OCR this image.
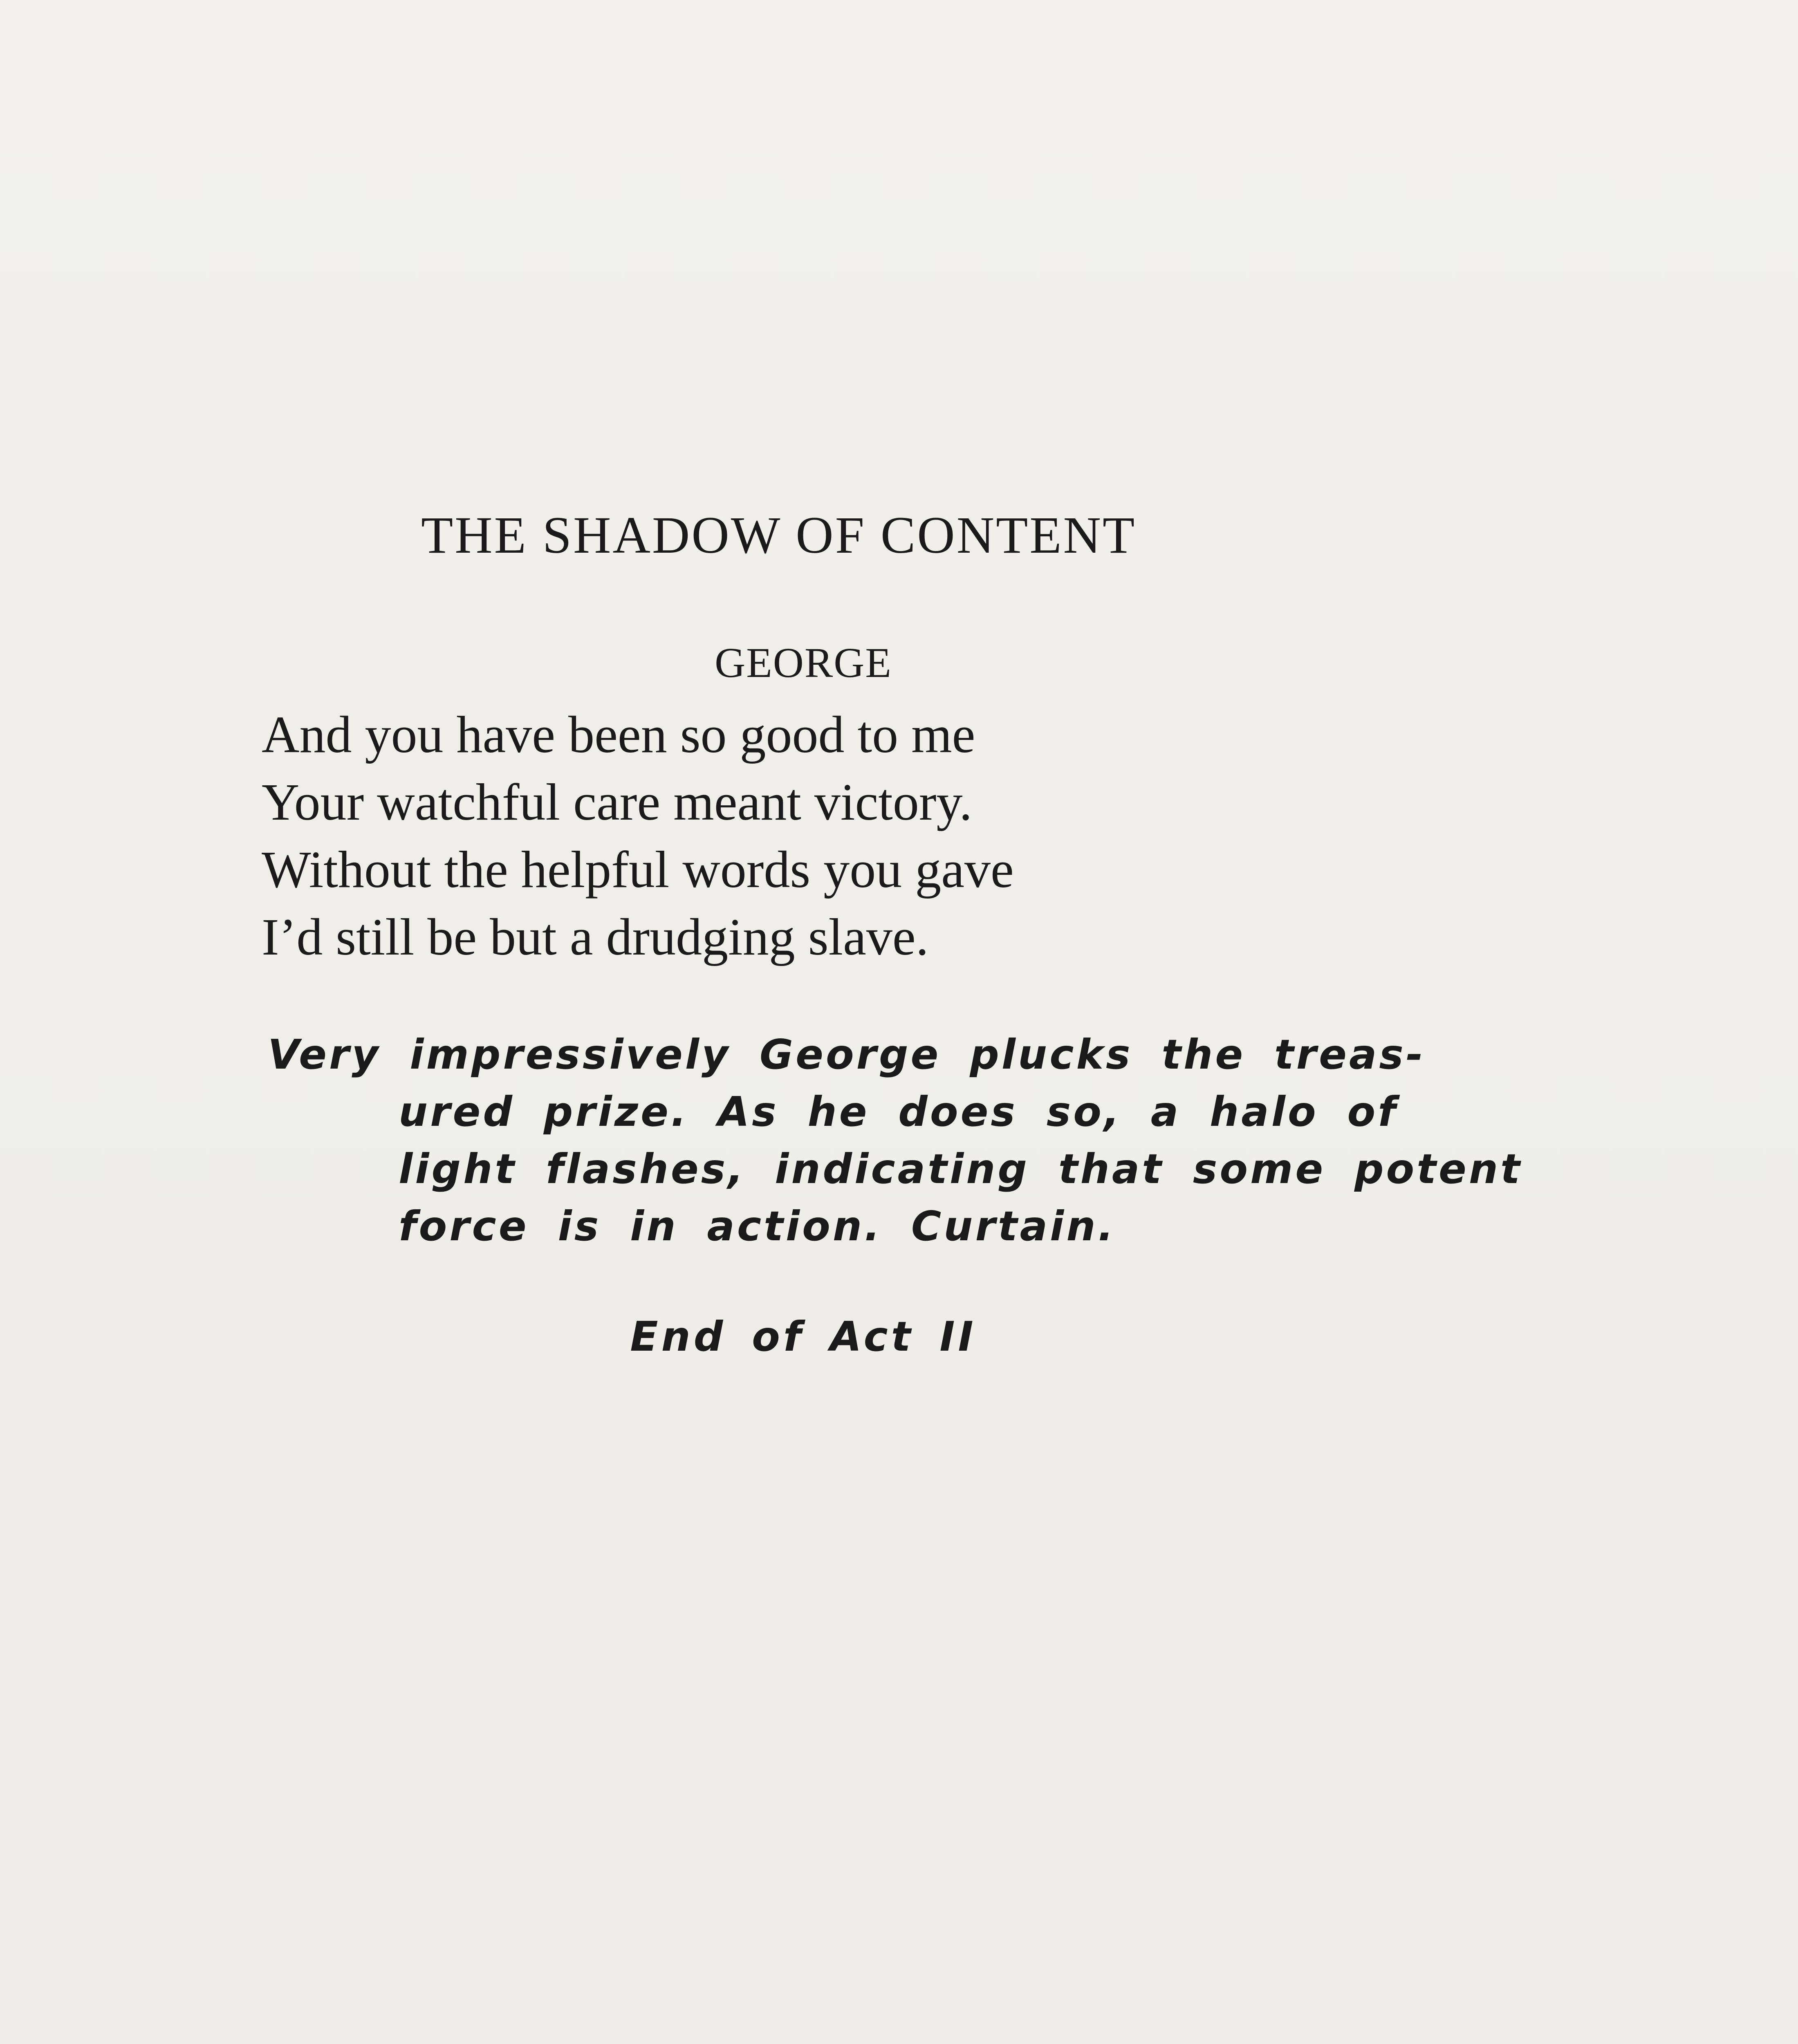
THE SHADOW OF CONTENT
GEORGE
And you have been so good to me
Your watchful care meant victory.
Without the helpful words you gave
I’d still be but a drudging slave.
Very impressively George plucks the treas-
ured prize. As he does so, a halo of
light flashes, indicating that some potent
force is in action. Curtain.
End of Act II
